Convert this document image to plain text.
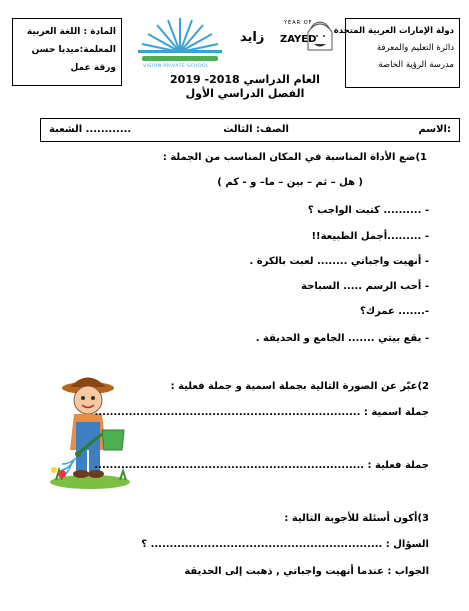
دولة الإمارات العربية المتحدة
دائرة التعليم والمعرفة
مدرسة الرؤية الخاصة
YEAR OF
ZAYED
زايد
VISION PRIVATE SCHOOL
المادة : اللغة العربية
المعلمة:ميديا حسن
ورقة عمل
العام الدراسي 2018- 2019
الفصل الدراسي الأول
الاسم:
الصف: الثالث
الشعبة ............
1)ضع الأداة المناسبة في المكان المناسب من الجملة :
( هل – ثم – بين – ما– و - كم )
- .......... كتبت الواجب ؟
- .........أجمل الطبيعة!!
- أنهيت واجباتي ........ لعبت بالكرة .
- أحب الرسم ..... السباحة
-....... عمرك؟
- يقع بيتي ....... الجامع و الحديقة .
2)عبّر عن الصورة التالية بجملة اسمية و جملة فعلية :
جملة اسمية : ......................................................................
جملة فعلية : .......................................................................
3)أكون أسئلة للأجوبة التالية :
السؤال : ............................................................. ؟
الجواب : عندما أنهيت واجباتي , ذهبت إلى الحديقة
